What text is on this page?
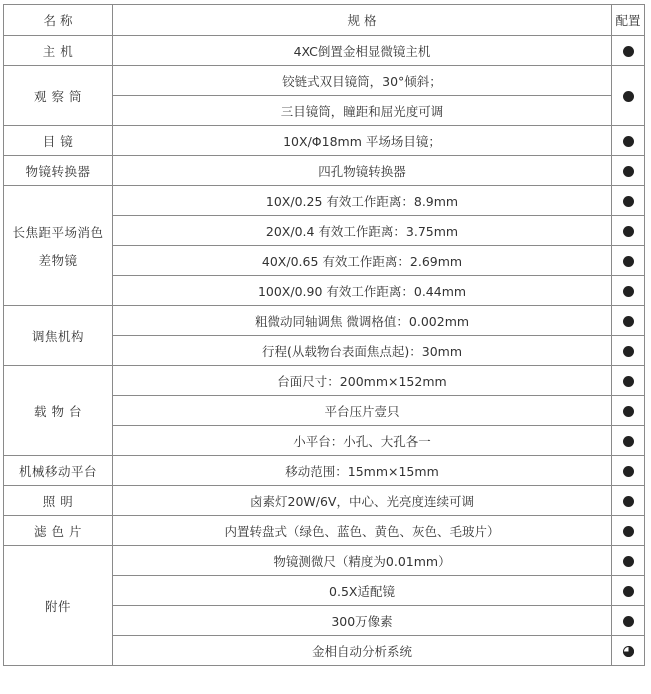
名 称	规 格	配置
主 机	4XC倒置金相显微镜主机	
观 察 筒	铰链式双目镜筒，30°倾斜；	
	三目镜筒，瞳距和屈光度可调	
目 镜	10X/Φ18mm 平场场目镜；	
物镜转换器	四孔物镜转换器	

长焦距平场消色
差物镜	10X/0.25 有效工作距离：8.9mm	
	20X/0.4 有效工作距离：3.75mm	
	40X/0.65 有效工作距离：2.69mm	
	100X/0.90 有效工作距离：0.44mm	
调焦机构	粗微动同轴调焦 微调格值：0.002mm	
	行程(从载物台表面焦点起)：30mm	
载 物 台	台面尺寸：200mm×152mm	
	平台压片壹只	
	小平台：小孔、大孔各一	
机械移动平台	移动范围：15mm×15mm	
照 明	卤素灯20W/6V，中心、光亮度连续可调	
滤 色 片	内置转盘式（绿色、蓝色、黄色、灰色、毛玻片）	
附件	物镜测微尺（精度为0.01mm）	
	0.5X适配镜	
	300万像素	
	金相自动分析系统	
